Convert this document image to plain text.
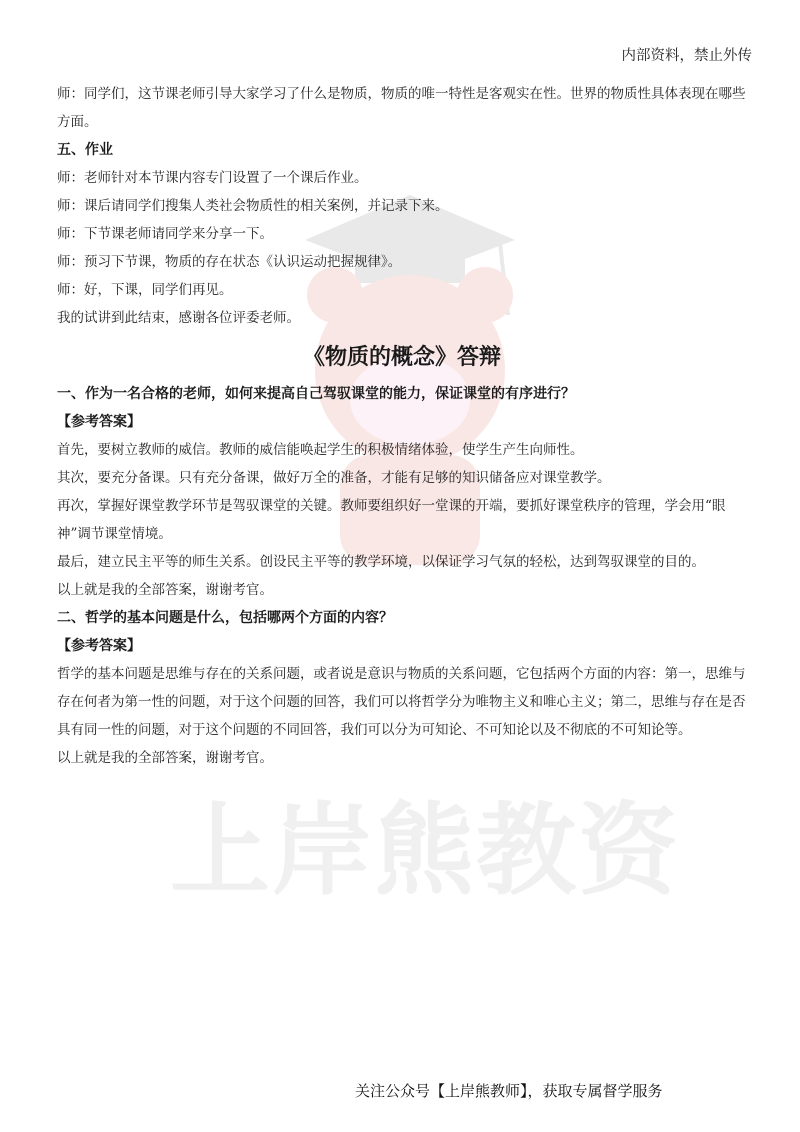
上岸熊教资
内部资料，禁止外传

师：同学们，这节课老师引导大家学习了什么是物质，物质的唯一特性是客观实在性。世界的物质性具体表现在哪些方面。

五、作业

师：老师针对本节课内容专门设置了一个课后作业。

师：课后请同学们搜集人类社会物质性的相关案例，并记录下来。

师：下节课老师请同学来分享一下。

师：预习下节课，物质的存在状态《认识运动把握规律》。

师：好，下课，同学们再见。

我的试讲到此结束，感谢各位评委老师。

《物质的概念》答辩

一、作为一名合格的老师，如何来提高自己驾驭课堂的能力，保证课堂的有序进行？

【参考答案】

首先，要树立教师的威信。教师的威信能唤起学生的积极情绪体验，使学生产生向师性。

其次，要充分备课。只有充分备课，做好万全的准备，才能有足够的知识储备应对课堂教学。

再次，掌握好课堂教学环节是驾驭课堂的关键。教师要组织好一堂课的开端，要抓好课堂秩序的管理，学会用“眼神”调节课堂情境。

最后，建立民主平等的师生关系。创设民主平等的教学环境，以保证学习气氛的轻松，达到驾驭课堂的目的。

以上就是我的全部答案，谢谢考官。

二、哲学的基本问题是什么，包括哪两个方面的内容？

【参考答案】

哲学的基本问题是思维与存在的关系问题，或者说是意识与物质的关系问题，它包括两个方面的内容：第一，思维与存在何者为第一性的问题，对于这个问题的回答，我们可以将哲学分为唯物主义和唯心主义；第二，思维与存在是否具有同一性的问题，对于这个问题的不同回答，我们可以分为可知论、不可知论以及不彻底的不可知论等。

以上就是我的全部答案，谢谢考官。

关注公众号【上岸熊教师】，获取专属督学服务
